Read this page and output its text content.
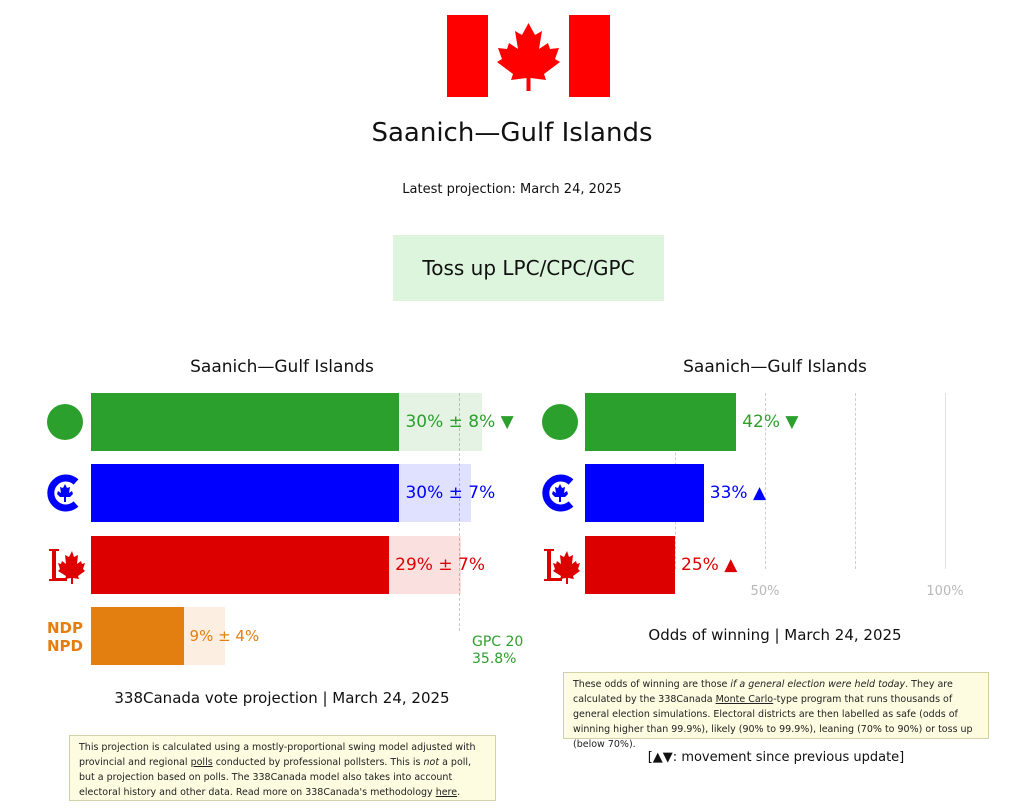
Saanich—Gulf Islands
Latest projection: March 24, 2025
Toss up LPC/CPC/GPC
Saanich—Gulf Islands
30% ± 8% ▼
30% ± 7%
29% ± 7%
9% ± 4%
NDP
NPD	GPC 20
35.8%
338Canada vote projection | March 24, 2025
Saanich—Gulf Islands
50%	100%
42% ▼
33% ▲
25% ▲
Odds of winning | March 24, 2025
This projection is calculated using a mostly-proportional swing model adjusted with provincial and regional polls conducted by professional pollsters. This is not a poll, but a projection based on polls. The 338Canada model also takes into account electoral history and other data. Read more on 338Canada's methodology here.
These odds of winning are those if a general election were held today. They are calculated by the 338Canada Monte Carlo-type program that runs thousands of general election simulations. Electoral districts are then labelled as safe (odds of winning higher than 99.9%), likely (90% to 99.9%), leaning (70% to 90%) or toss up (below 70%).
[▲▼: movement since previous update]
